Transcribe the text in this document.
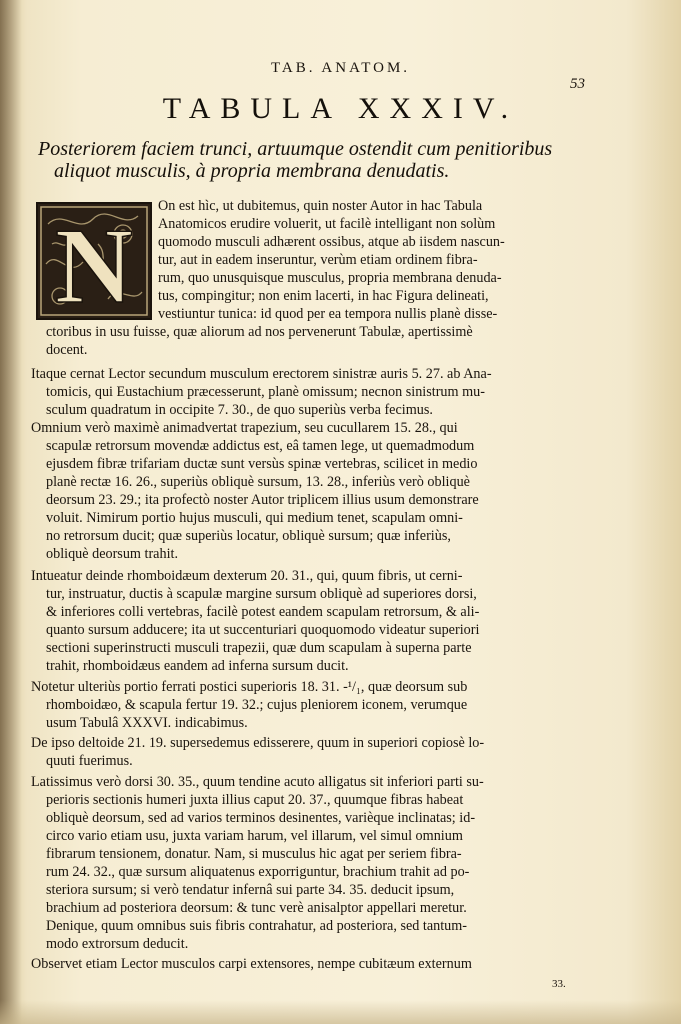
TAB. ANATOM.
53
TABULA XXXIV.
Posteriorem faciem trunci, artuumque ostendit cum penitioribus
aliquot musculis, à propria membrana denudatis.
N
On est hìc, ut dubitemus, quin noster Autor in hac Tabula
Anatomicos erudire voluerit, ut facilè intelligant non solùm
quomodo musculi adhærent ossibus, atque ab iisdem nascun-
tur, aut in eadem inseruntur, verùm etiam ordinem fibra-
rum, quo unusquisque musculus, propria membrana denuda-
tus, compingitur; non enim lacerti, in hac Figura delineati,
vestiuntur tunica: id quod per ea tempora nullis planè disse-
ctoribus in usu fuisse, quæ aliorum ad nos pervenerunt Tabulæ, apertissimè
docent.
Itaque cernat Lector secundum musculum erectorem sinistræ auris 5. 27. ab Ana-
tomicis, qui Eustachium præcesserunt, planè omissum; necnon sinistrum mu-
sculum quadratum in occipite 7. 30., de quo superiùs verba fecimus.
Omnium verò maximè animadvertat trapezium, seu cucullarem 15. 28., qui
scapulæ retrorsum movendæ addictus est, eâ tamen lege, ut quemadmodum
ejusdem fibræ trifariam ductæ sunt versùs spinæ vertebras, scilicet in medio
planè rectæ 16. 26., superiùs obliquè sursum, 13. 28., inferiùs verò obliquè
deorsum 23. 29.; ita profectò noster Autor triplicem illius usum demonstrare
voluit. Nimirum portio hujus musculi, qui medium tenet, scapulam omni-
no retrorsum ducit; quæ superiùs locatur, obliquè sursum; quæ inferiùs,
obliquè deorsum trahit.
Intueatur deinde rhomboidæum dexterum 20. 31., qui, quum fibris, ut cerni-
tur, instruatur, ductis à scapulæ margine sursum obliquè ad superiores dorsi,
& inferiores colli vertebras, facilè potest eandem scapulam retrorsum, & ali-
quanto sursum adducere; ita ut succenturiari quoquomodo videatur superiori
sectioni superinstructi musculi trapezii, quæ dum scapulam à superna parte
trahit, rhomboidæus eandem ad inferna sursum ducit.
Notetur ulteriùs portio ferrati postici superioris 18. 31. -¹/₁, quæ deorsum sub
rhomboidæo, & scapula fertur 19. 32.; cujus pleniorem iconem, verumque
usum Tabulâ XXXVI. indicabimus.
De ipso deltoide 21. 19. supersedemus edisserere, quum in superiori copiosè lo-
quuti fuerimus.
Latissimus verò dorsi 30. 35., quum tendine acuto alligatus sit inferiori parti su-
perioris sectionis humeri juxta illius caput 20. 37., quumque fibras habeat
obliquè deorsum, sed ad varios terminos desinentes, varièque inclinatas; id-
circo vario etiam usu, juxta variam harum, vel illarum, vel simul omnium
fibrarum tensionem, donatur. Nam, si musculus hic agat per seriem fibra-
rum 24. 32., quæ sursum aliquatenus exporriguntur, brachium trahit ad po-
steriora sursum; si verò tendatur infernâ sui parte 34. 35. deducit ipsum,
brachium ad posteriora deorsum: & tunc verè anisalptor appellari meretur.
Denique, quum omnibus suis fibris contrahatur, ad posteriora, sed tantum-
modo extrorsum deducit.
Observet etiam Lector musculos carpi extensores, nempe cubitæum externum
33.
